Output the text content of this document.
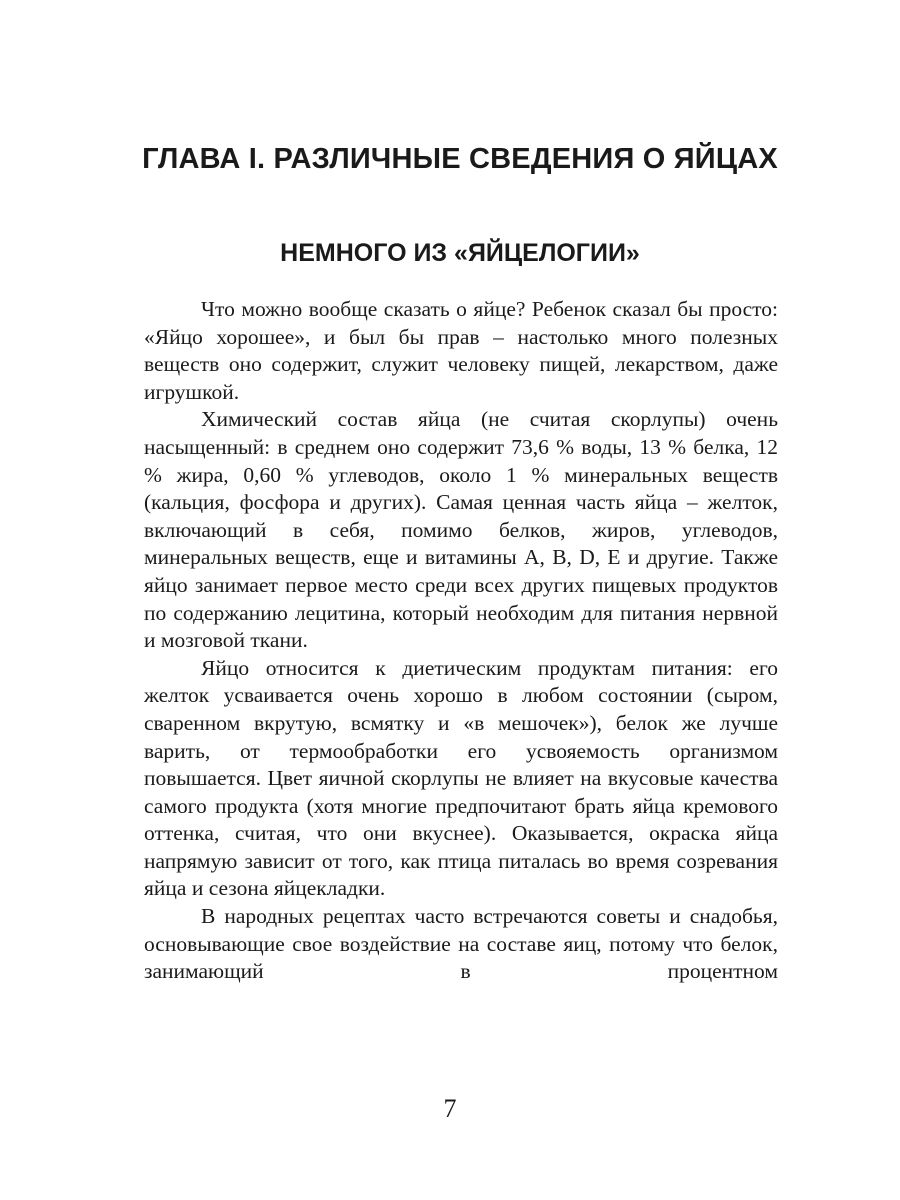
ГЛАВА I. РАЗЛИЧНЫЕ СВЕДЕНИЯ О ЯЙЦАХ
НЕМНОГО ИЗ «ЯЙЦЕЛОГИИ»

Что можно вообще сказать о яйце? Ребенок сказал бы просто: «Яйцо хорошее», и был бы прав – настолько много полезных веществ оно содержит, служит человеку пищей, лекарством, даже игрушкой.

Химический состав яйца (не считая скорлупы) очень насыщенный: в среднем оно содержит 73,6 % воды, 13 % белка, 12 % жира, 0,60 % углеводов, около 1 % минеральных веществ (кальция, фосфора и других). Самая ценная часть яйца – желток, включающий в себя, помимо белков, жиров, углеводов, минеральных веществ, еще и витамины A, B, D, E и другие. Также яйцо занимает первое место среди всех других пищевых продуктов по содержанию лецитина, который необходим для питания нервной и мозговой ткани.

Яйцо относится к диетическим продуктам питания: его желток усваивается очень хорошо в любом состоянии (сыром, сваренном вкрутую, всмятку и «в мешочек»), белок же лучше варить, от термообработки его усвояемость организмом повышается. Цвет яичной скорлупы не влияет на вкусовые качества самого продукта (хотя многие предпочитают брать яйца кремового оттенка, считая, что они вкуснее). Оказывается, окраска яйца напрямую зависит от того, как птица питалась во время созревания яйца и сезона яйцекладки.

В народных рецептах часто встречаются советы и снадобья, основывающие свое воздействие на составе яиц, потому что белок, занимающий в процентном

7
